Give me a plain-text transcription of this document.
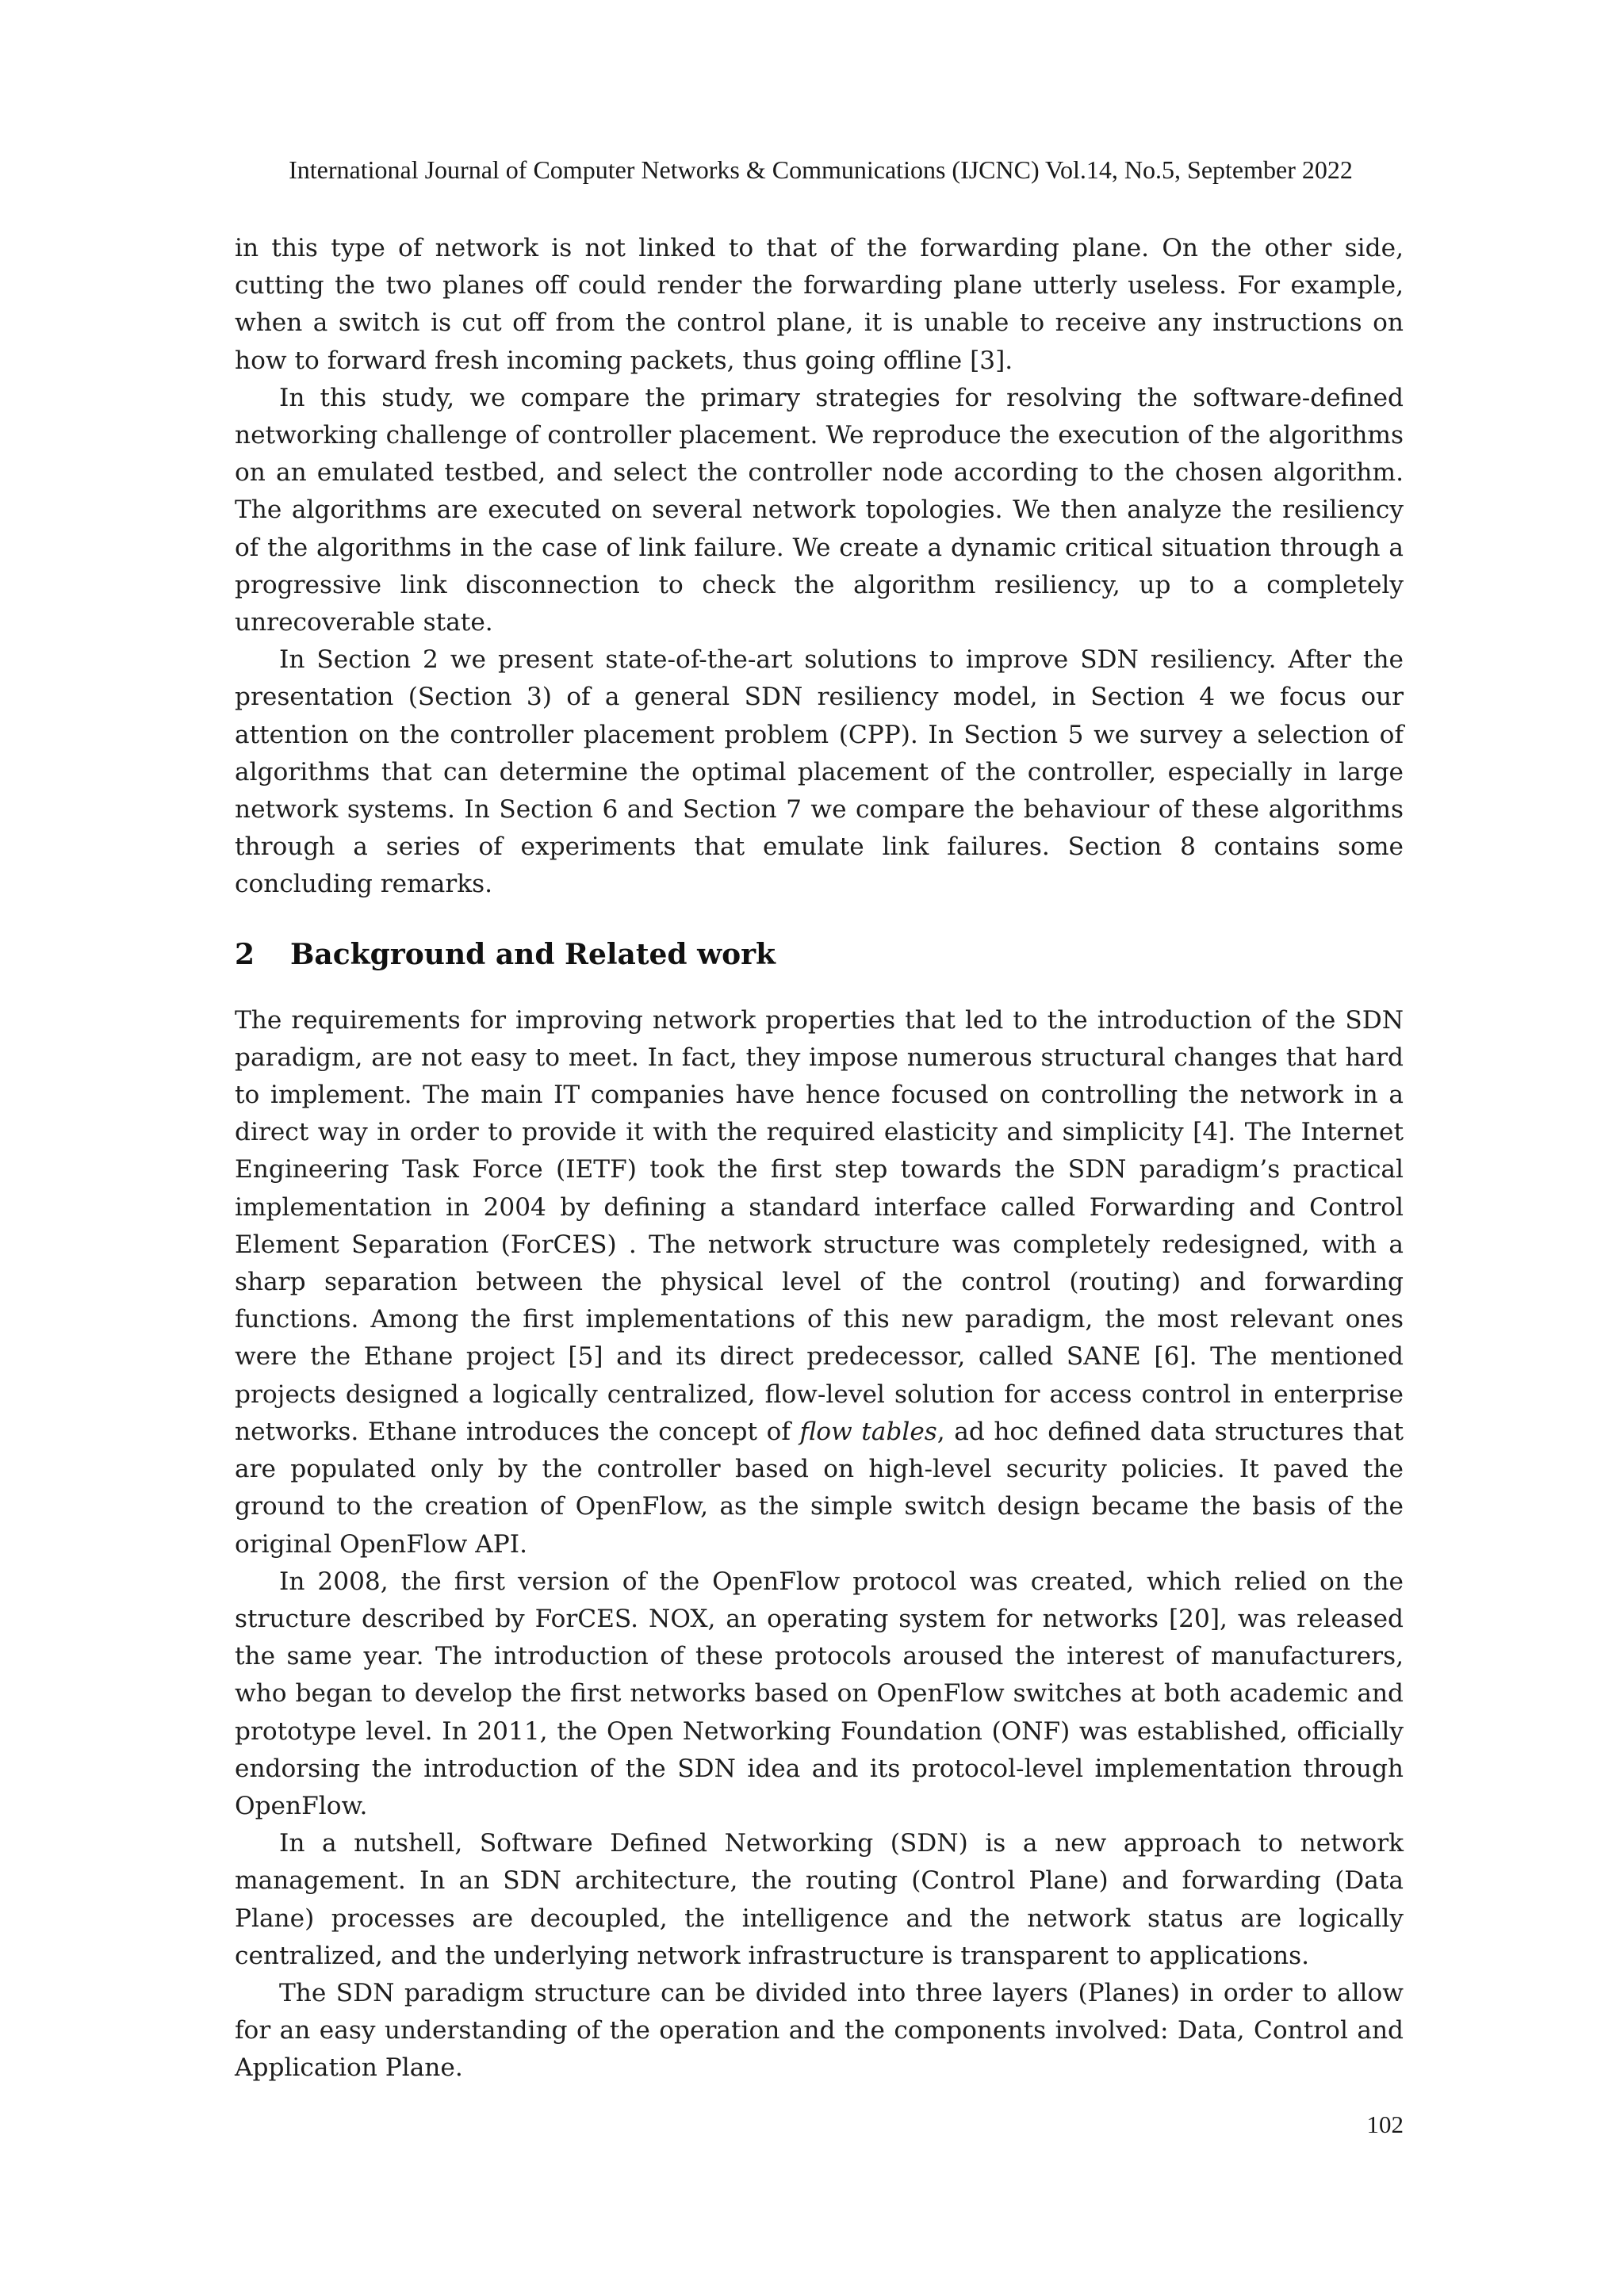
International Journal of Computer Networks & Communications (IJCNC) Vol.14, No.5, September 2022

in this type of network is not linked to that of the forwarding plane. On the other side, cutting the two planes off could render the forwarding plane utterly useless. For example, when a switch is cut off from the control plane, it is unable to receive any instructions on how to forward fresh incoming packets, thus going offline [3].

In this study, we compare the primary strategies for resolving the software-defined networking challenge of controller placement. We reproduce the execution of the algorithms on an emulated testbed, and select the controller node according to the chosen algorithm. The algorithms are executed on several network topologies. We then analyze the resiliency of the algorithms in the case of link failure. We create a dynamic critical situation through a progressive link disconnection to check the algorithm resiliency, up to a completely unrecoverable state.

In Section 2 we present state-of-the-art solutions to improve SDN resiliency. After the presentation (Section 3) of a general SDN resiliency model, in Section 4 we focus our attention on the controller placement problem (CPP). In Section 5 we survey a selection of algorithms that can determine the optimal placement of the controller, especially in large network systems. In Section 6 and Section 7 we compare the behaviour of these algorithms through a series of experiments that emulate link failures. Section 8 contains some concluding remarks.

2 Background and Related work

The requirements for improving network properties that led to the introduction of the SDN paradigm, are not easy to meet. In fact, they impose numerous structural changes that hard to implement. The main IT companies have hence focused on controlling the network in a direct way in order to provide it with the required elasticity and simplicity [4]. The Internet Engineering Task Force (IETF) took the first step towards the SDN paradigm’s practical implementation in 2004 by defining a standard interface called Forwarding and Control Element Separation (ForCES) . The network structure was completely redesigned, with a sharp separation between the physical level of the control (routing) and forwarding functions. Among the first implementations of this new paradigm, the most relevant ones were the Ethane project [5] and its direct predecessor, called SANE [6]. The mentioned projects designed a logically centralized, flow-level solution for access control in enterprise networks. Ethane introduces the concept of flow tables, ad hoc defined data structures that are populated only by the controller based on high-level security policies. It paved the ground to the creation of OpenFlow, as the simple switch design became the basis of the original OpenFlow API.

In 2008, the first version of the OpenFlow protocol was created, which relied on the structure described by ForCES. NOX, an operating system for networks [20], was released the same year. The introduction of these protocols aroused the interest of manufacturers, who began to develop the first networks based on OpenFlow switches at both academic and prototype level. In 2011, the Open Networking Foundation (ONF) was established, officially endorsing the introduction of the SDN idea and its protocol-level implementation through OpenFlow.

In a nutshell, Software Defined Networking (SDN) is a new approach to network management. In an SDN architecture, the routing (Control Plane) and forwarding (Data Plane) processes are decoupled, the intelligence and the network status are logically centralized, and the underlying network infrastructure is transparent to applications.

The SDN paradigm structure can be divided into three layers (Planes) in order to allow for an easy understanding of the operation and the components involved: Data, Control and Application Plane.

102
